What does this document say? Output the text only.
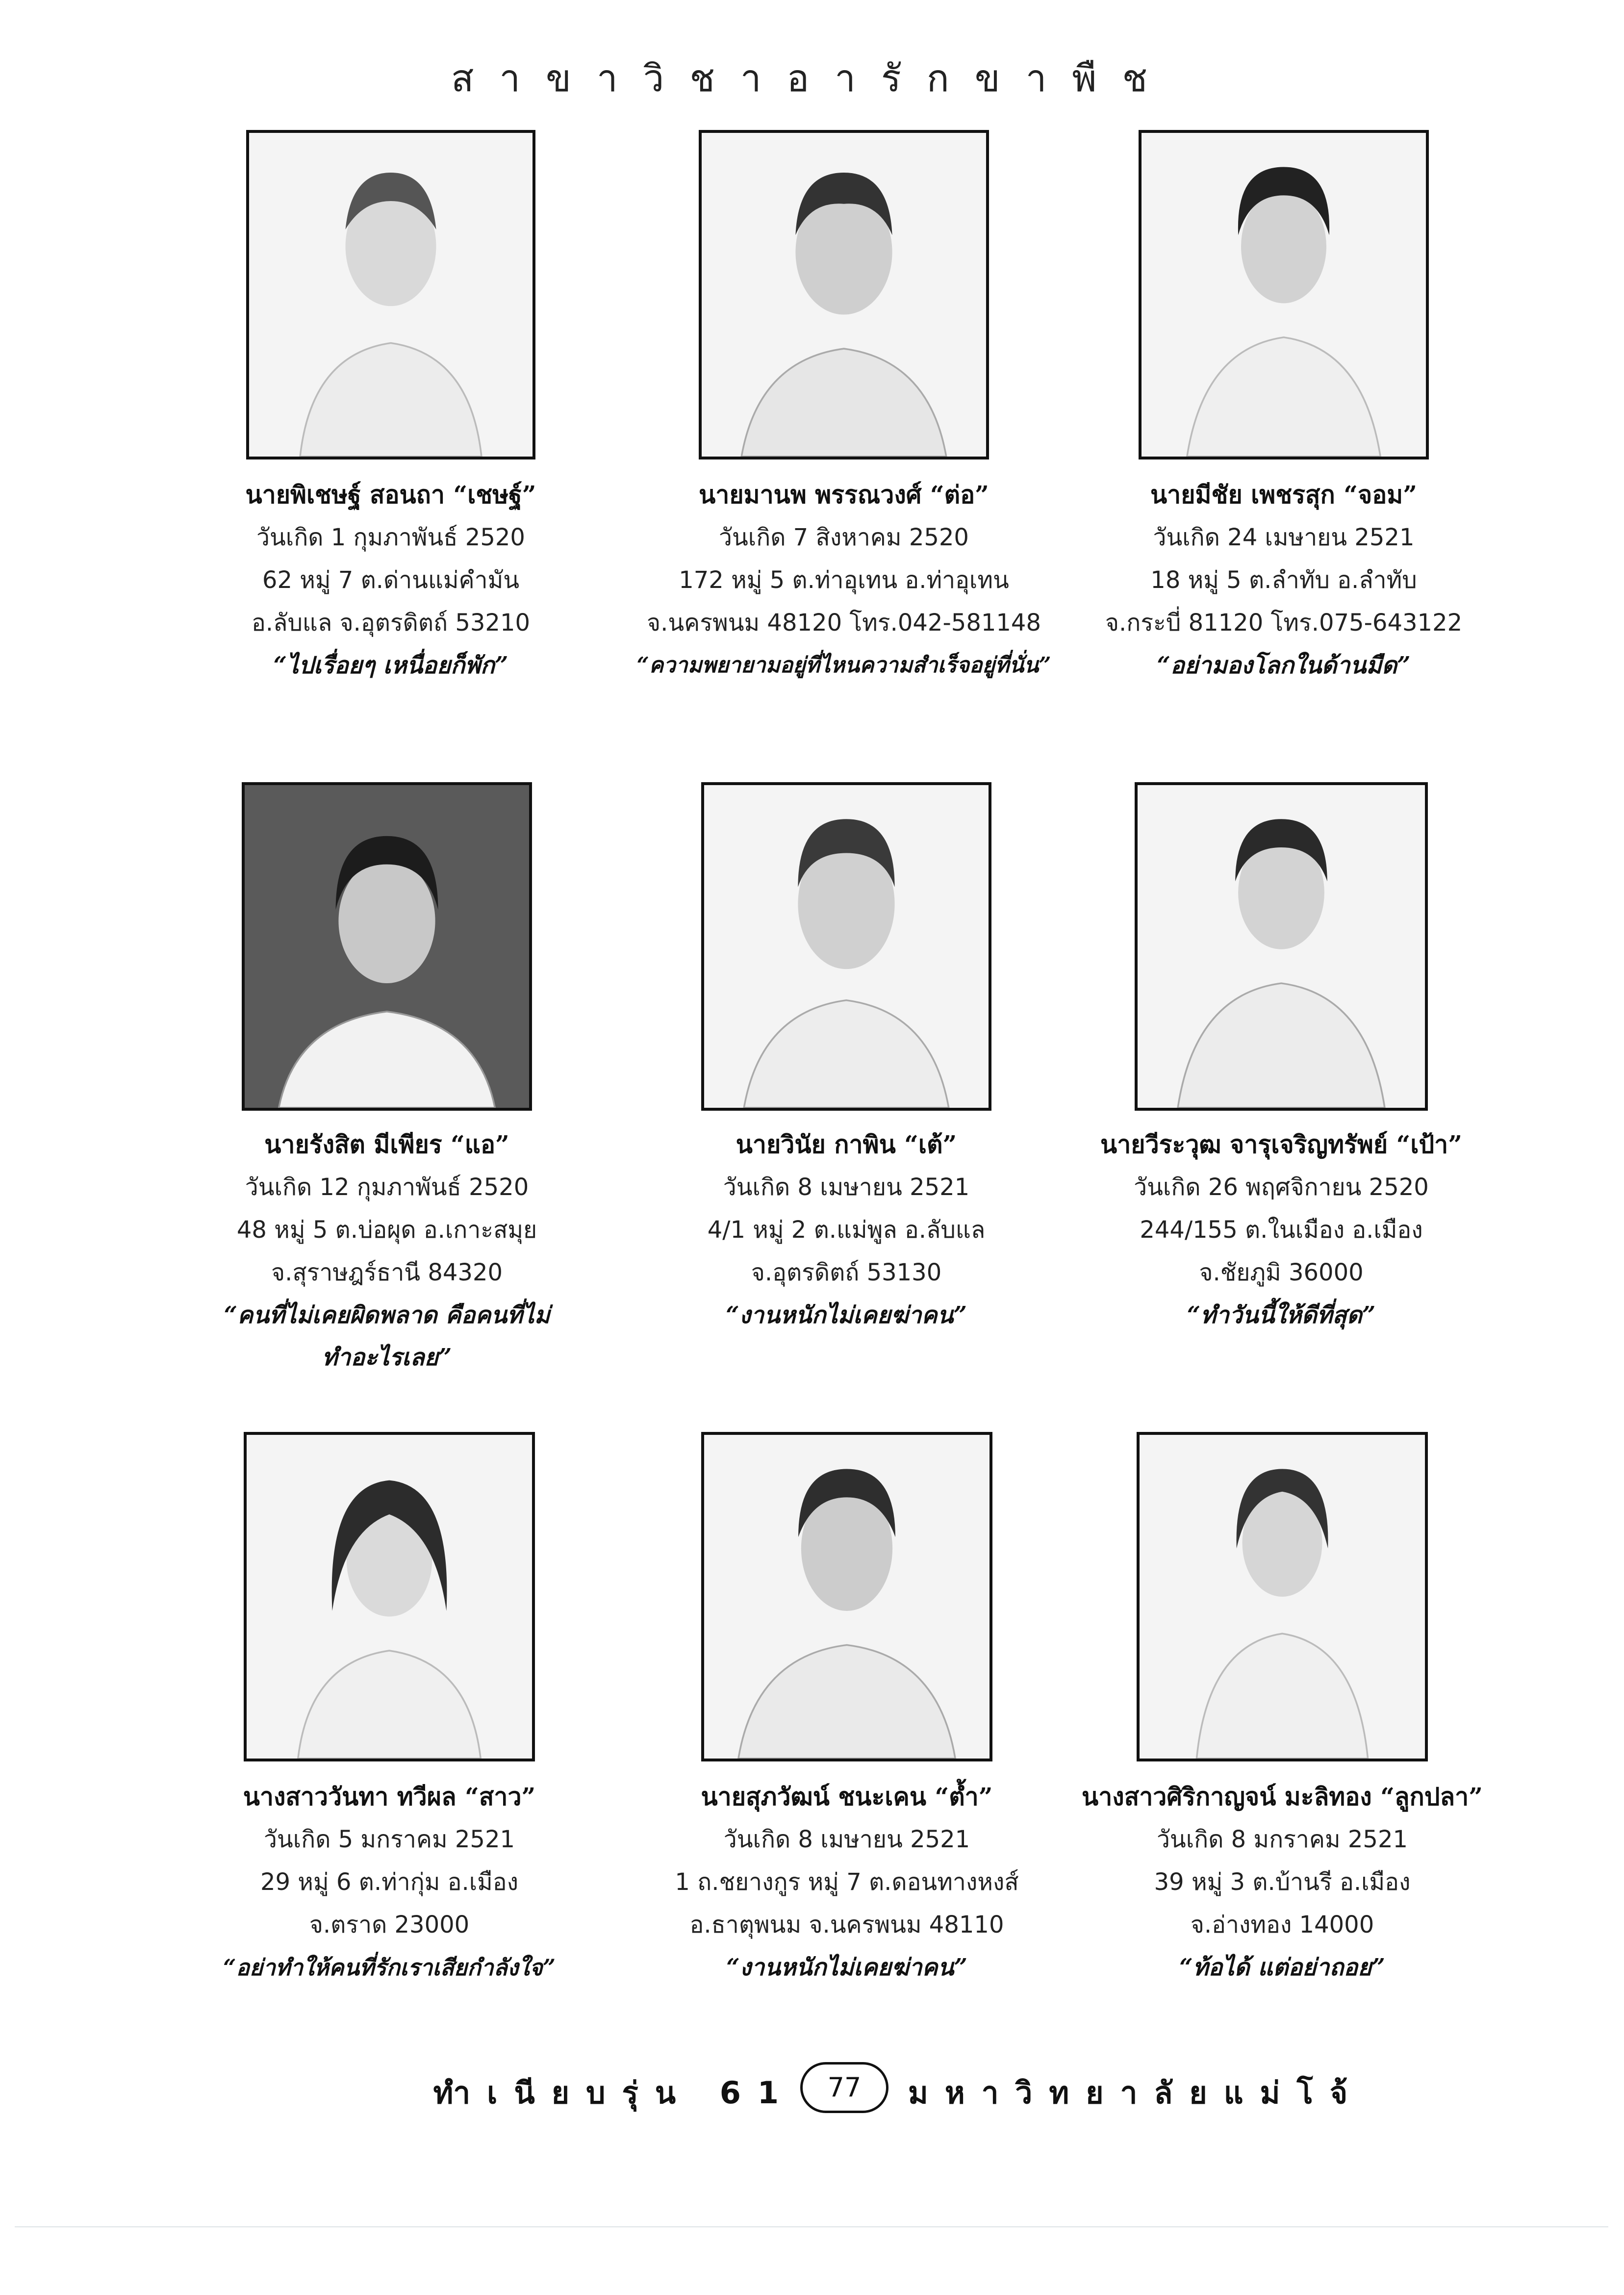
สาขาวิชาอารักขาพืช
นายพิเชษฐ์ สอนถา “เชษฐ์”
วันเกิด 1 กุมภาพันธ์ 2520
62 หมู่ 7 ต.ด่านแม่คำมัน
อ.ลับแล จ.อุตรดิตถ์ 53210
“ไปเรื่อยๆ เหนื่อยก็พัก”
นายมานพ พรรณวงศ์ “ต่อ”
วันเกิด 7 สิงหาคม 2520
172 หมู่ 5 ต.ท่าอุเทน อ.ท่าอุเทน
จ.นครพนม 48120 โทร.042-581148
“ความพยายามอยู่ที่ไหนความสำเร็จอยู่ที่นั่น”
นายมีชัย เพชรสุก “จอม”
วันเกิด 24 เมษายน 2521
18 หมู่ 5 ต.ลำทับ อ.ลำทับ
จ.กระบี่ 81120 โทร.075-643122
“อย่ามองโลกในด้านมืด”
นายรังสิต มีเพียร “แอ”
วันเกิด 12 กุมภาพันธ์ 2520
48 หมู่ 5 ต.บ่อผุด อ.เกาะสมุย
จ.สุราษฎร์ธานี 84320
“คนที่ไม่เคยผิดพลาด คือคนที่ไม่ทำอะไรเลย”
นายวินัย กาพิน “เต้”
วันเกิด 8 เมษายน 2521
4/1 หมู่ 2 ต.แม่พูล อ.ลับแล
จ.อุตรดิตถ์ 53130
“งานหนักไม่เคยฆ่าคน”
นายวีระวุฒ จารุเจริญทรัพย์ “เป้า”
วันเกิด 26 พฤศจิกายน 2520
244/155 ต.ในเมือง อ.เมือง
จ.ชัยภูมิ 36000
“ทำวันนี้ให้ดีที่สุด”
นางสาววันทา ทวีผล “สาว”
วันเกิด 5 มกราคม 2521
29 หมู่ 6 ต.ท่ากุ่ม อ.เมือง
จ.ตราด 23000
“อย่าทำให้คนที่รักเราเสียกำลังใจ”
นายสุภวัฒน์ ชนะเคน “ต้ำ”
วันเกิด 8 เมษายน 2521
1 ถ.ชยางกูร หมู่ 7 ต.ดอนทางหงส์
อ.ธาตุพนม จ.นครพนม 48110
“งานหนักไม่เคยฆ่าคน”
นางสาวศิริกาญจน์ มะลิทอง “ลูกปลา”
วันเกิด 8 มกราคม 2521
39 หมู่ 3 ต.บ้านรี อ.เมือง
จ.อ่างทอง 14000
“ท้อได้ แต่อย่าถอย”
ทำเนียบรุ่น 61	77	มหาวิทยาลัยแม่โจ้
